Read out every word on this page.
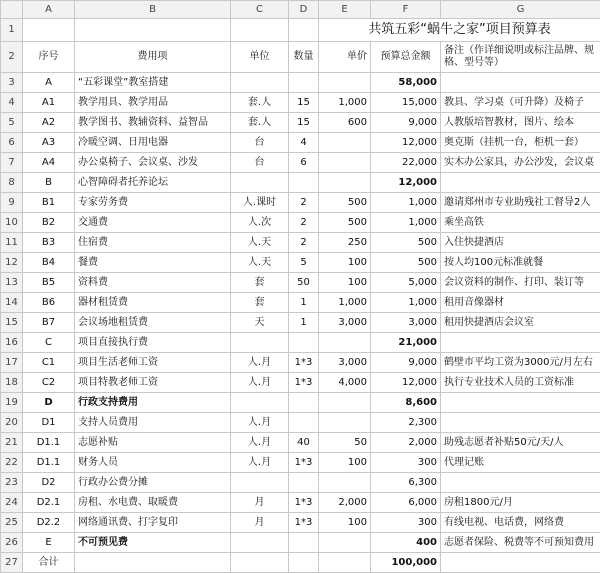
	A	B	C	D	E	F	G
1					共筑五彩“蜗牛之家”项目预算表		
2	序号	费用项	单位	数量	单价	预算总金额	备注（作详细说明或标注品牌、规格、型号等）
3	A	“五彩课堂”教室搭建				58,000	
4	A1	教学用具、教学用品	套.人	15	1,000	15,000	教具、学习桌（可升降）及椅子
5	A2	教学图书、教辅资料、益智品	套.人	15	600	9,000	人教版培智教材，图片、绘本
6	A3	冷暖空调、日用电器	台	4		12,000	奥克斯（挂机一台，柜机一套）
7	A4	办公桌椅子、会议桌、沙发	台	6		22,000	实木办公家具，办公沙发，会议桌
8	B	心智障碍者托养论坛				12,000	
9	B1	专家劳务费	人.课时	2	500	1,000	邀请郑州市专业助残社工督导2人
10	B2	交通费	人.次	2	500	1,000	乘坐高铁
11	B3	住宿费	人.天	2	250	500	入住快捷酒店
12	B4	餐费	人.天	5	100	500	按人均100元标准就餐
13	B5	资料费	套	50	100	5,000	会议资料的制作、打印、装订等
14	B6	器材租赁费	套	1	1,000	1,000	租用音像器材
15	B7	会议场地租赁费	天	1	3,000	3,000	租用快捷酒店会议室
16	C	项目直接执行费				21,000	
17	C1	项目生活老师工资	人.月	1*3	3,000	9,000	鹤壁市平均工资为3000元/月左右
18	C2	项目特教老师工资	人.月	1*3	4,000	12,000	执行专业技术人员的工资标准
19	D	行政支持费用				8,600	
20	D1	支持人员费用	人.月			2,300	
21	D1.1	志愿补贴	人.月	40	50	2,000	助残志愿者补贴50元/天/人
22	D1.1	财务人员	人.月	1*3	100	300	代理记账
23	D2	行政办公费分摊				6,300	
24	D2.1	房租、水电费、取暖费	月	1*3	2,000	6,000	房租1800元/月
25	D2.2	网络通讯费、打字复印	月	1*3	100	300	有线电视、电话费，网络费
26	E	不可预见费				400	志愿者保险、税费等不可预知费用
27	合计					100,000	
